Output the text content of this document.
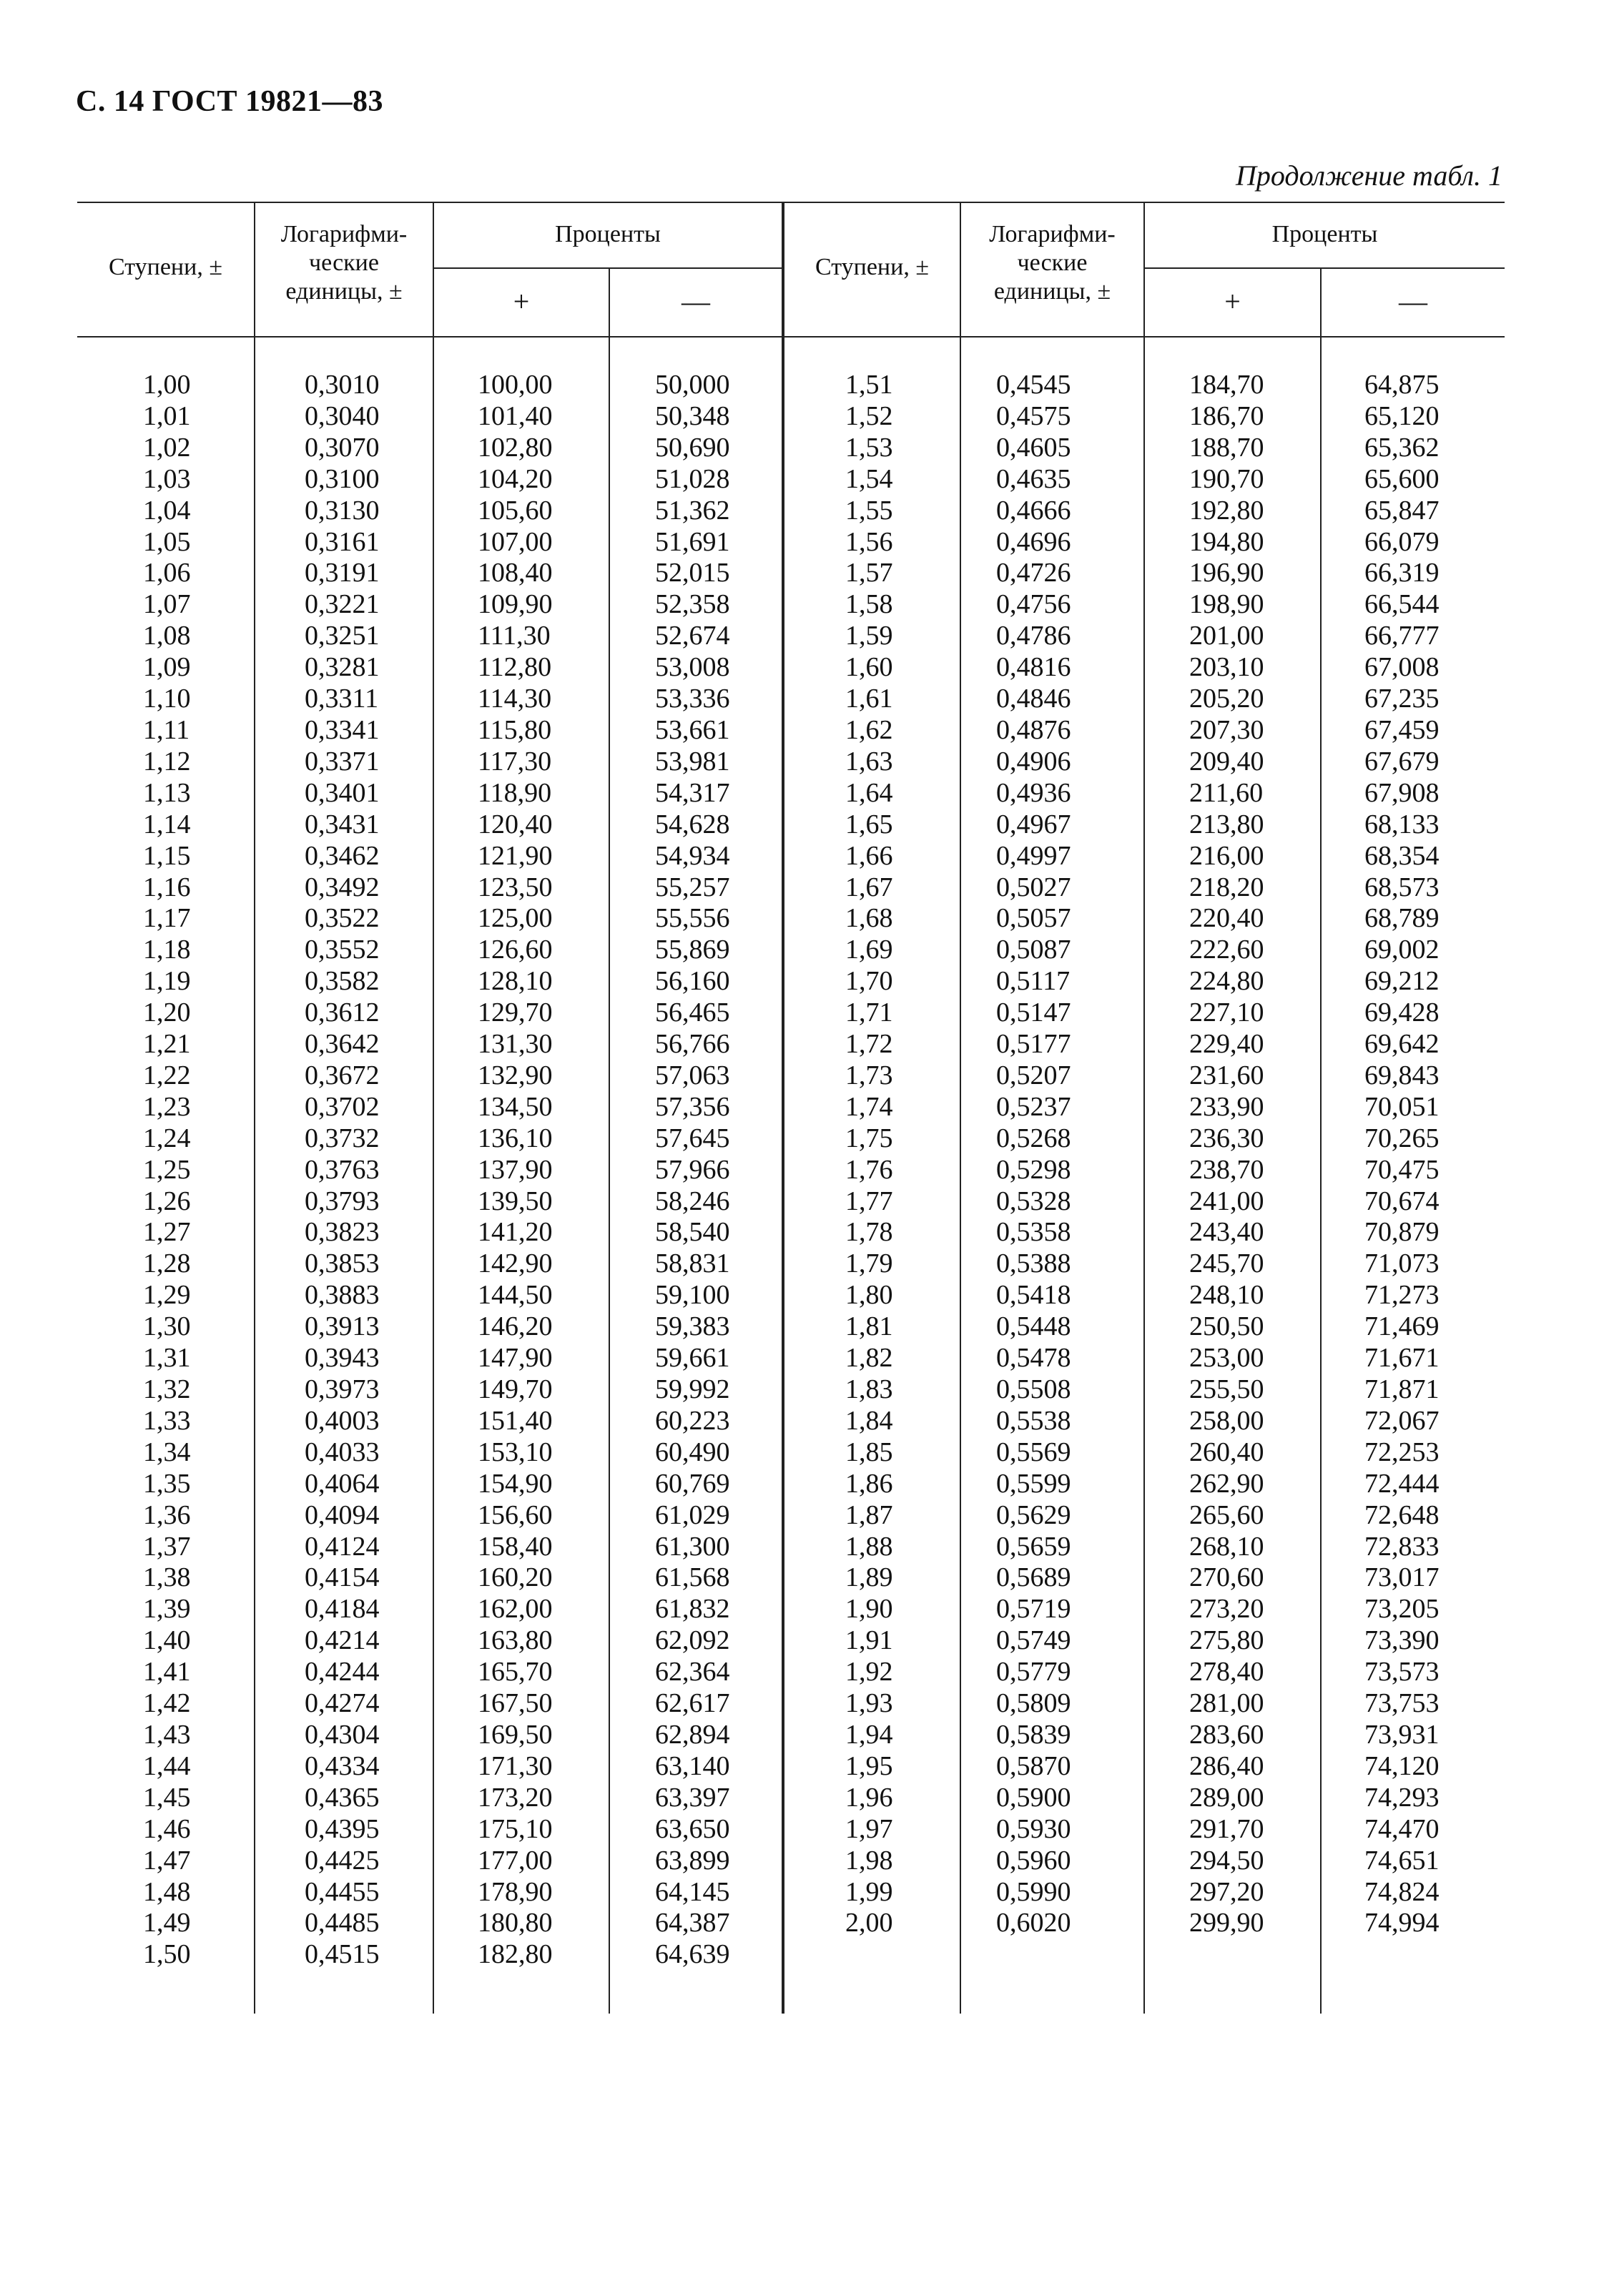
С. 14 ГОСТ 19821—83
Продолжение табл. 1
Ступени, ±
Логарифми-
ческие
единицы, ±
Проценты
+	—
Ступени, ±
Логарифми-
ческие
единицы, ±
Проценты
+	—
1,00
1,01
1,02
1,03
1,04
1,05
1,06
1,07
1,08
1,09
1,10
1,11
1,12
1,13
1,14
1,15
1,16
1,17
1,18
1,19
1,20
1,21
1,22
1,23
1,24
1,25
1,26
1,27
1,28
1,29
1,30
1,31
1,32
1,33
1,34
1,35
1,36
1,37
1,38
1,39
1,40
1,41
1,42
1,43
1,44
1,45
1,46
1,47
1,48
1,49
1,50
0,3010
0,3040
0,3070
0,3100
0,3130
0,3161
0,3191
0,3221
0,3251
0,3281
0,3311
0,3341
0,3371
0,3401
0,3431
0,3462
0,3492
0,3522
0,3552
0,3582
0,3612
0,3642
0,3672
0,3702
0,3732
0,3763
0,3793
0,3823
0,3853
0,3883
0,3913
0,3943
0,3973
0,4003
0,4033
0,4064
0,4094
0,4124
0,4154
0,4184
0,4214
0,4244
0,4274
0,4304
0,4334
0,4365
0,4395
0,4425
0,4455
0,4485
0,4515
100,00
101,40
102,80
104,20
105,60
107,00
108,40
109,90
111,30
112,80
114,30
115,80
117,30
118,90
120,40
121,90
123,50
125,00
126,60
128,10
129,70
131,30
132,90
134,50
136,10
137,90
139,50
141,20
142,90
144,50
146,20
147,90
149,70
151,40
153,10
154,90
156,60
158,40
160,20
162,00
163,80
165,70
167,50
169,50
171,30
173,20
175,10
177,00
178,90
180,80
182,80
50,000
50,348
50,690
51,028
51,362
51,691
52,015
52,358
52,674
53,008
53,336
53,661
53,981
54,317
54,628
54,934
55,257
55,556
55,869
56,160
56,465
56,766
57,063
57,356
57,645
57,966
58,246
58,540
58,831
59,100
59,383
59,661
59,992
60,223
60,490
60,769
61,029
61,300
61,568
61,832
62,092
62,364
62,617
62,894
63,140
63,397
63,650
63,899
64,145
64,387
64,639
1,51
1,52
1,53
1,54
1,55
1,56
1,57
1,58
1,59
1,60
1,61
1,62
1,63
1,64
1,65
1,66
1,67
1,68
1,69
1,70
1,71
1,72
1,73
1,74
1,75
1,76
1,77
1,78
1,79
1,80
1,81
1,82
1,83
1,84
1,85
1,86
1,87
1,88
1,89
1,90
1,91
1,92
1,93
1,94
1,95
1,96
1,97
1,98
1,99
2,00
0,4545
0,4575
0,4605
0,4635
0,4666
0,4696
0,4726
0,4756
0,4786
0,4816
0,4846
0,4876
0,4906
0,4936
0,4967
0,4997
0,5027
0,5057
0,5087
0,5117
0,5147
0,5177
0,5207
0,5237
0,5268
0,5298
0,5328
0,5358
0,5388
0,5418
0,5448
0,5478
0,5508
0,5538
0,5569
0,5599
0,5629
0,5659
0,5689
0,5719
0,5749
0,5779
0,5809
0,5839
0,5870
0,5900
0,5930
0,5960
0,5990
0,6020
184,70
186,70
188,70
190,70
192,80
194,80
196,90
198,90
201,00
203,10
205,20
207,30
209,40
211,60
213,80
216,00
218,20
220,40
222,60
224,80
227,10
229,40
231,60
233,90
236,30
238,70
241,00
243,40
245,70
248,10
250,50
253,00
255,50
258,00
260,40
262,90
265,60
268,10
270,60
273,20
275,80
278,40
281,00
283,60
286,40
289,00
291,70
294,50
297,20
299,90
64,875
65,120
65,362
65,600
65,847
66,079
66,319
66,544
66,777
67,008
67,235
67,459
67,679
67,908
68,133
68,354
68,573
68,789
69,002
69,212
69,428
69,642
69,843
70,051
70,265
70,475
70,674
70,879
71,073
71,273
71,469
71,671
71,871
72,067
72,253
72,444
72,648
72,833
73,017
73,205
73,390
73,573
73,753
73,931
74,120
74,293
74,470
74,651
74,824
74,994
